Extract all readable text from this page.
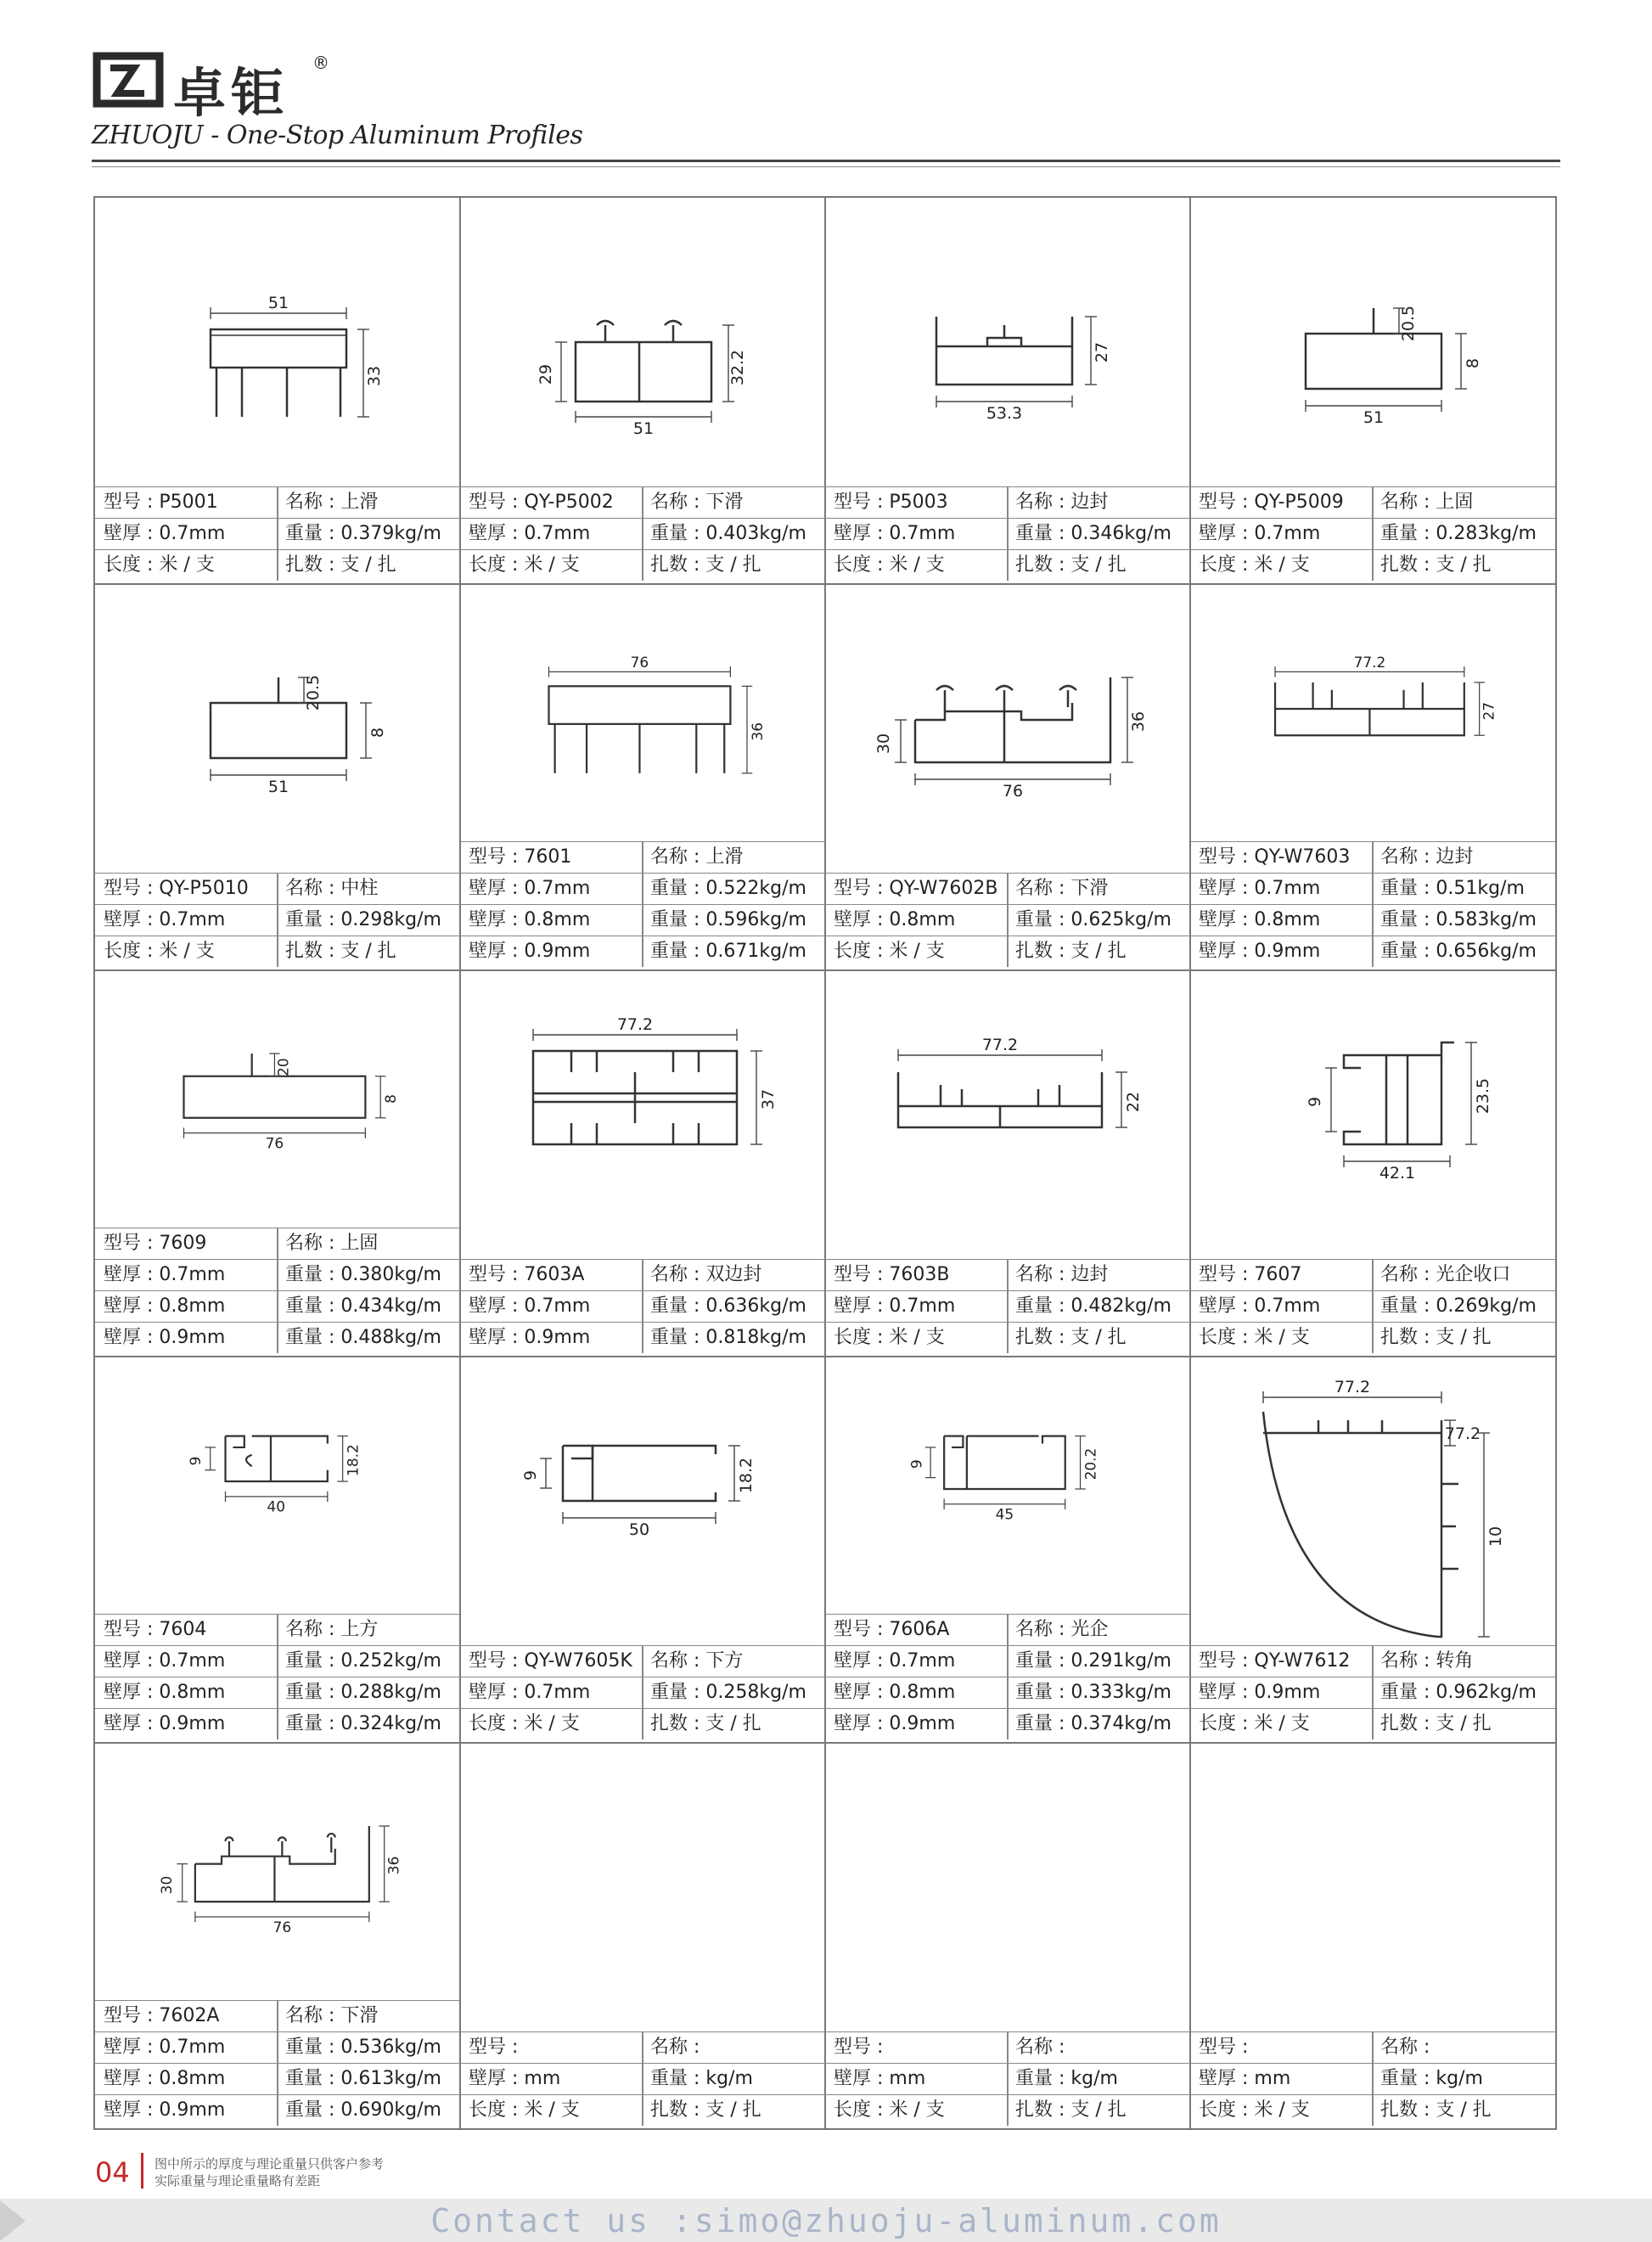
卓钜 ®
ZHUOJU - One-Stop Aluminum Profiles
51
33
型号 : P5001	名称 : 上滑
壁厚 : 0.7mm	重量 : 0.379kg/m
长度 : 米 / 支	扎数 : 支 / 扎
51
29	32.2
型号 : QY-P5002 名称 : 下滑
壁厚 : 0.7mm	重量 : 0.403kg/m
长度 : 米 / 支	扎数 : 支 / 扎
53.3
27
型号 : P5003	名称 : 边封
壁厚 : 0.7mm	重量 : 0.346kg/m
长度 : 米 / 支	扎数 : 支 / 扎
51
8
20.5
型号 : QY-P5009 名称 : 上固
壁厚 : 0.7mm	重量 : 0.283kg/m
长度 : 米 / 支	扎数 : 支 / 扎
51
8
20.5
型号 : QY-P5010 名称 : 中柱
壁厚 : 0.7mm	重量 : 0.298kg/m
长度 : 米 / 支	扎数 : 支 / 扎
76
36
型号 : 7601	名称 : 上滑
壁厚 : 0.7mm	重量 : 0.522kg/m
壁厚 : 0.8mm	重量 : 0.596kg/m
壁厚 : 0.9mm	重量 : 0.671kg/m
76
30
36
型号 : QY-W7602B 名称 : 下滑
壁厚 : 0.8mm	重量 : 0.625kg/m
长度 : 米 / 支	扎数 : 支 / 扎
77.2
27
型号 : QY-W7603 名称 : 边封
壁厚 : 0.7mm	重量 : 0.51kg/m
壁厚 : 0.8mm	重量 : 0.583kg/m
壁厚 : 0.9mm	重量 : 0.656kg/m
76
8
20
型号 : 7609	名称 : 上固
壁厚 : 0.7mm	重量 : 0.380kg/m
壁厚 : 0.8mm	重量 : 0.434kg/m
壁厚 : 0.9mm	重量 : 0.488kg/m
77.2
37
型号 : 7603A	名称 : 双边封
壁厚 : 0.7mm	重量 : 0.636kg/m
壁厚 : 0.9mm	重量 : 0.818kg/m
77.2
22
型号 : 7603B	名称 : 边封
壁厚 : 0.7mm	重量 : 0.482kg/m
长度 : 米 / 支	扎数 : 支 / 扎
42.1
9	23.5
型号 : 7607	名称 : 光企收口
壁厚 : 0.7mm	重量 : 0.269kg/m
长度 : 米 / 支	扎数 : 支 / 扎
40
9	18.2
型号 : 7604	名称 : 上方
壁厚 : 0.7mm	重量 : 0.252kg/m
壁厚 : 0.8mm	重量 : 0.288kg/m
壁厚 : 0.9mm	重量 : 0.324kg/m
50
9	18.2
型号 : QY-W7605K 名称 : 下方
壁厚 : 0.7mm	重量 : 0.258kg/m
长度 : 米 / 支	扎数 : 支 / 扎
45
9	20.2
型号 : 7606A	名称 : 光企
壁厚 : 0.7mm	重量 : 0.291kg/m
壁厚 : 0.8mm	重量 : 0.333kg/m
壁厚 : 0.9mm	重量 : 0.374kg/m
77.2
10
77.2
型号 : QY-W7612 名称 : 转角
壁厚 : 0.9mm	重量 : 0.962kg/m
长度 : 米 / 支	扎数 : 支 / 扎
76
30
36
型号 : 7602A	名称 : 下滑
壁厚 : 0.7mm	重量 : 0.536kg/m
壁厚 : 0.8mm	重量 : 0.613kg/m
壁厚 : 0.9mm	重量 : 0.690kg/m
型号 :	名称 :
壁厚 : mm	重量 : kg/m
长度 : 米 / 支	扎数 : 支 / 扎
型号 :	名称 :
壁厚 : mm	重量 : kg/m
长度 : 米 / 支	扎数 : 支 / 扎
型号 :	名称 :
壁厚 : mm	重量 : kg/m
长度 : 米 / 支	扎数 : 支 / 扎
04 图中所示的厚度与理论重量只供客户参考
实际重量与理论重量略有差距
Contact us :simo@zhuoju-aluminum.com
